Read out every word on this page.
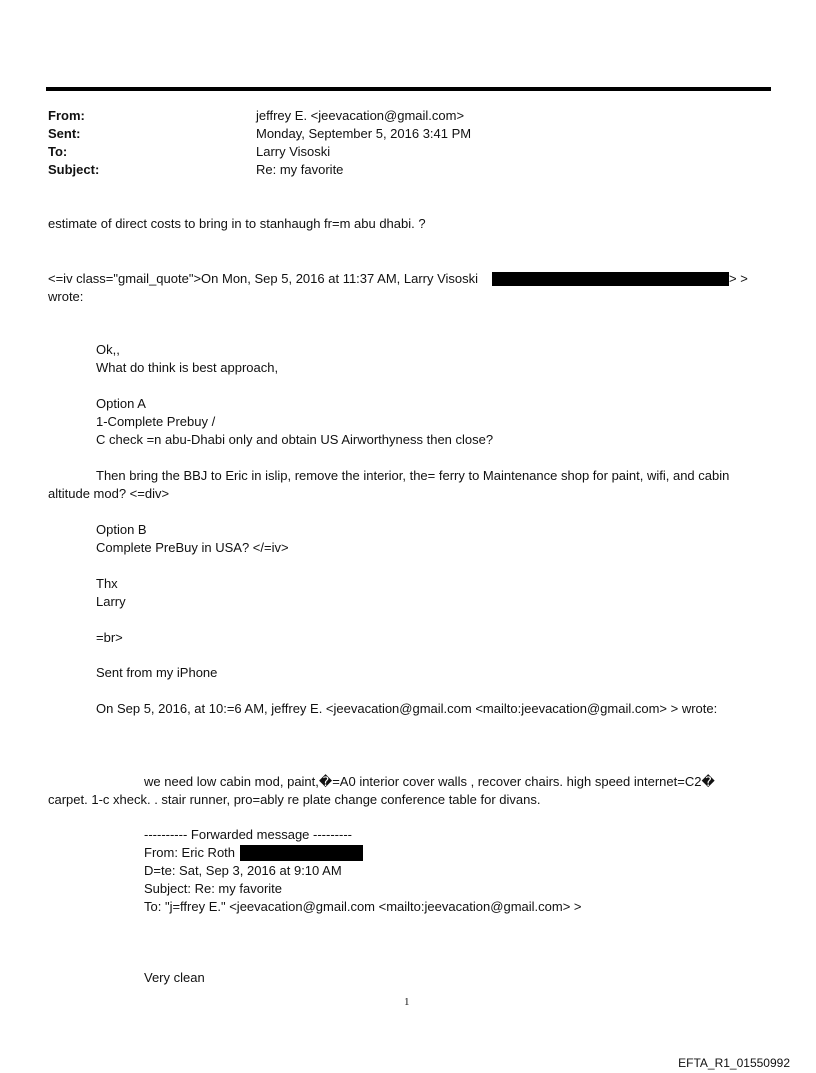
From:	jeffrey E. <jeevacation@gmail.com>
Sent:	Monday, September 5, 2016 3:41 PM
To:	Larry Visoski
Subject:	Re: my favorite
estimate of direct costs to bring in to stanhaugh fr=m abu dhabi. ?
<=iv class="gmail_quote">On Mon, Sep 5, 2016 at 11:37 AM, Larry Visoski	> >
wrote:
Ok,,
What do think is best approach,
Option A
1-Complete Prebuy /
C check =n abu-Dhabi only and obtain US Airworthyness then close?
Then bring the BBJ to Eric in islip, remove the interior, the= ferry to Maintenance shop for paint, wifi, and cabin
altitude mod? <=div>
Option B
Complete PreBuy in USA? </=iv>
Thx
Larry
=br>
Sent from my iPhone
On Sep 5, 2016, at 10:=6 AM, jeffrey E. <jeevacation@gmail.com <mailto:jeevacation@gmail.com> > wrote:
we need low cabin mod, paint,�=A0 interior cover walls , recover chairs. high speed internet=C2�
carpet. 1-c xheck. . stair runner, pro=ably re plate change conference table for divans.
---------- Forwarded message ---------
From: Eric Roth
D=te: Sat, Sep 3, 2016 at 9:10 AM
Subject: Re: my favorite
To: "j=ffrey E." <jeevacation@gmail.com <mailto:jeevacation@gmail.com> >
Very clean
1
EFTA_R1_01550992
